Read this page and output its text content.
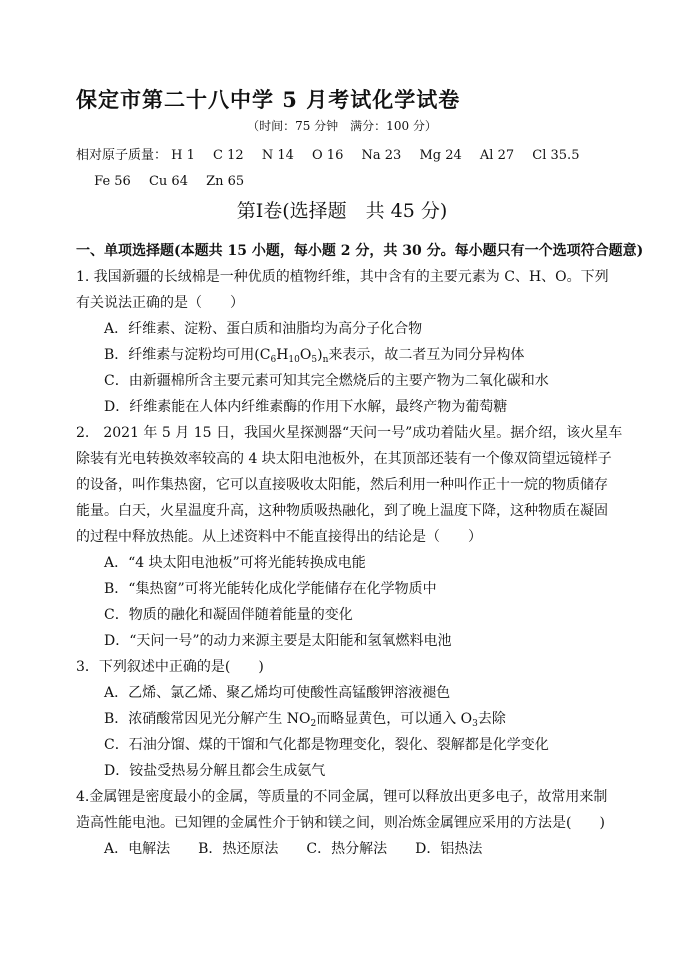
保定市第二十八中学 5 月考试化学试卷
（时间：75 分钟　满分：100 分）
相对原子质量： H 1 C 12 N 14 O 16 Na 23 Mg 24 Al 27 Cl 35.5 Fe 56 Cu 64 Zn 65
第Ⅰ卷(选择题　共 45 分)
一、单项选择题(本题共 15 小题，每小题 2 分，共 30 分。每小题只有一个选项符合题意)
1. 我国新疆的长绒棉是一种优质的植物纤维，其中含有的主要元素为 C、H、O。下列
有关说法正确的是（　　）
A．纤维素、淀粉、蛋白质和油脂均为高分子化合物
B．纤维素与淀粉均可用$(C_6H_{10}O_5)_n$来表示，故二者互为同分异构体
C．由新疆棉所含主要元素可知其完全燃烧后的主要产物为二氧化碳和水
D．纤维素能在人体内纤维素酶的作用下水解，最终产物为葡萄糖
2.　2021 年 5 月 15 日，我国火星探测器“天问一号”成功着陆火星。据介绍，该火星车
除装有光电转换效率较高的 4 块太阳电池板外，在其顶部还装有一个像双筒望远镜样子
的设备，叫作集热窗，它可以直接吸收太阳能，然后利用一种叫作正十一烷的物质储存
能量。白天，火星温度升高，这种物质吸热融化，到了晚上温度下降，这种物质在凝固
的过程中释放热能。从上述资料中不能直接得出的结论是（　　）
A．“4 块太阳电池板”可将光能转换成电能
B．“集热窗”可将光能转化成化学能储存在化学物质中
C．物质的融化和凝固伴随着能量的变化
D．“天问一号”的动力来源主要是太阳能和氢氧燃料电池
3．下列叙述中正确的是(　　)
A．乙烯、氯乙烯、聚乙烯均可使酸性高锰酸钾溶液褪色
B．浓硝酸常因见光分解产生 $NO_2$而略显黄色，可以通入 $O_3$去除
C．石油分馏、煤的干馏和气化都是物理变化，裂化、裂解都是化学变化
D．铵盐受热易分解且都会生成氨气
4.金属锂是密度最小的金属，等质量的不同金属，锂可以释放出更多电子，故常用来制
造高性能电池。已知锂的金属性介于钠和镁之间，则冶炼金属锂应采用的方法是(　　)
A．电解法　　B．热还原法　　C．热分解法　　D．铝热法
